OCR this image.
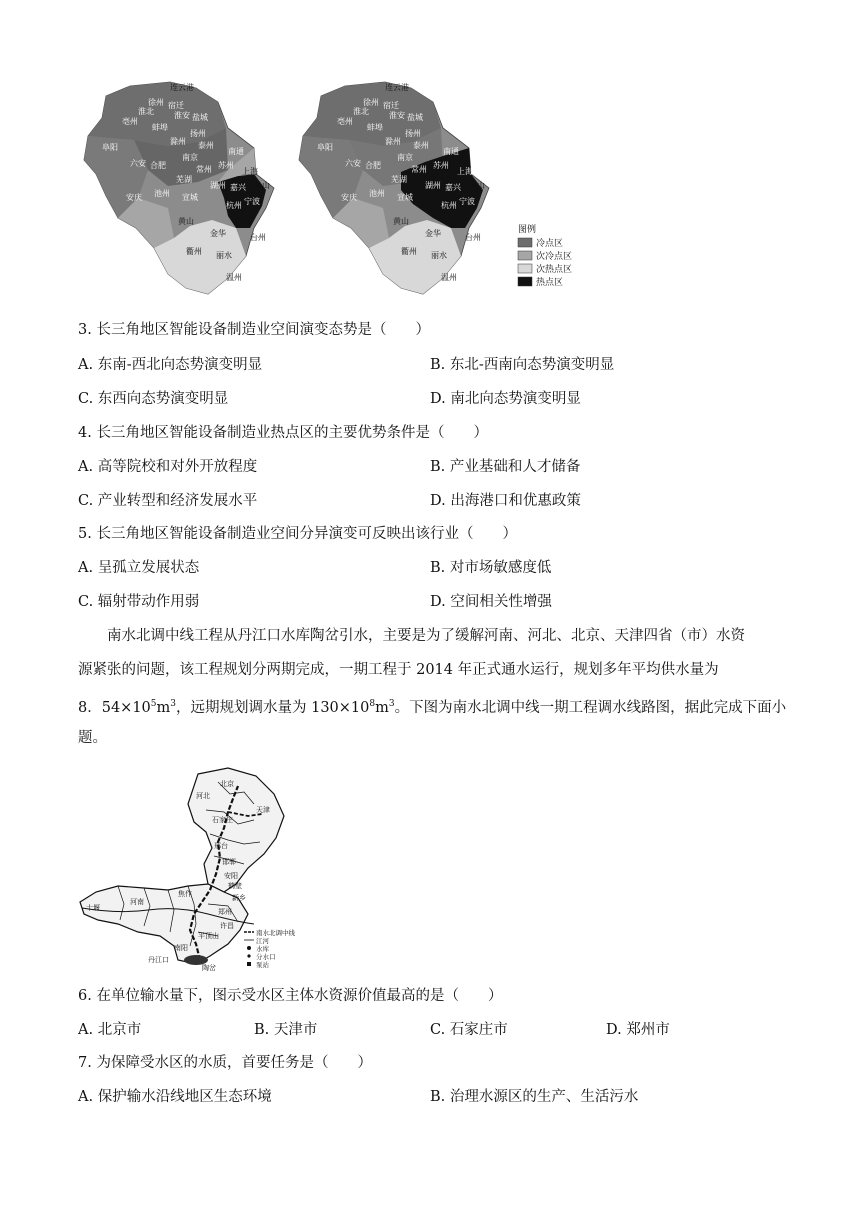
连云港
徐州 宿迁
淮北	淮安 盐城
亳州
蚌埠
阜阳
滁州
扬州
泰州
南通
六安 合肥
南京
常州 苏州
上海
芜湖
安庆 池州 宣城
湖州 嘉兴
杭州 宁波
舟山
黄山
金华
衢州
台州
丽水
温州
连云港
徐州 宿迁
淮北	淮安 盐城
亳州
蚌埠
阜阳
滁州
扬州
泰州
南通
六安 合肥
南京
常州 苏州
上海
芜湖
安庆 池州 宣城
湖州 嘉兴
杭州 宁波
舟山
黄山
金华
衢州
台州
丽水
温州
图例
冷点区
次冷点区
次热点区
热点区
3. 长三角地区智能设备制造业空间演变态势是（　　）
A. 东南-西北向态势演变明显	B. 东北-西南向态势演变明显
C. 东西向态势演变明显	D. 南北向态势演变明显
4. 长三角地区智能设备制造业热点区的主要优势条件是（　　）
A. 高等院校和对外开放程度	B. 产业基础和人才储备
C. 产业转型和经济发展水平	D. 出海港口和优惠政策
5. 长三角地区智能设备制造业空间分异演变可反映出该行业（　　）
A. 呈孤立发展状态	B. 对市场敏感度低
C. 辐射带动作用弱	D. 空间相关性增强
南水北调中线工程从丹江口水库陶岔引水，主要是为了缓解河南、河北、北京、天津四省（市）水资
源紧张的问题，该工程规划分两期完成，一期工程于 2014 年正式通水运行，规划多年平均供水量为
8．$54\times 10^5m^3$，远期规划调水量为 $130\times 10^8m^3$。下图为南水北调中线一期工程调水线路图，据此完成下面小
题。
北京
天津
河北
石家庄
邢台
邯郸
安阳
鹤壁
新乡
焦作
郑州
许昌
平顶山
南阳
河南
十堰
丹江口
陶岔
南水北调中线
江河
水库
分水口
泵站
6. 在单位输水量下，图示受水区主体水资源价值最高的是（　　）
A. 北京市	B. 天津市	C. 石家庄市	D. 郑州市
7. 为保障受水区的水质，首要任务是（　　）
A. 保护输水沿线地区生态环境	B. 治理水源区的生产、生活污水
